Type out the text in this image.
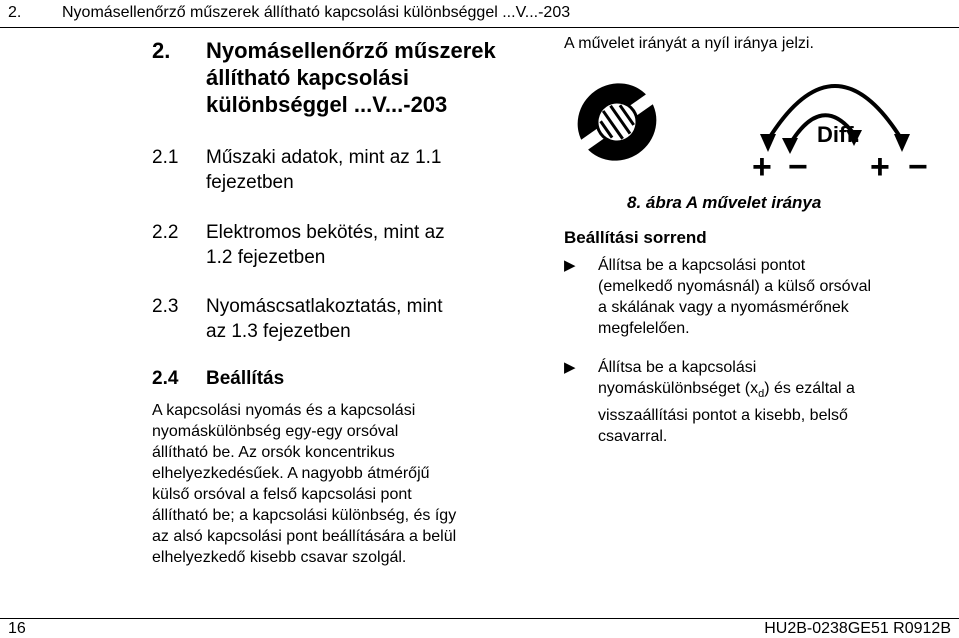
2.	Nyomásellenőrző műszerek állítható kapcsolási különbséggel ...V...-203
2. Nyomásellenőrző műszerek
állítható kapcsolási
különbséggel ...V...-203
2.1 Műszaki adatok, mint az 1.1
fejezetben
2.2 Elektromos bekötés, mint az
1.2 fejezetben
2.3 Nyomáscsatlakoztatás, mint
az 1.3 fejezetben
2.4 Beállítás
A kapcsolási nyomás és a kapcsolási
nyomáskülönbség egy-egy orsóval
állítható be. Az orsók koncentrikus
elhelyezkedésűek. A nagyobb átmérőjű
külső orsóval a felső kapcsolási pont
állítható be; a kapcsolási különbség, és így
az alsó kapcsolási pont beállítására a belül
elhelyezkedő kisebb csavar szolgál.
A művelet irányát a nyíl iránya jelzi.
Diff.
+ − + −
8. ábra A művelet iránya
Beállítási sorrend
▶ Állítsa be a kapcsolási pontot
(emelkedő nyomásnál) a külső orsóval
a skálának vagy a nyomásmérőnek
megfelelően.
▶ Állítsa be a kapcsolási
nyomáskülönbséget $(x_d)$ és ezáltal a
visszaállítási pontot a kisebb, belső
csavarral.
16	HU2B-0238GE51 R0912B
